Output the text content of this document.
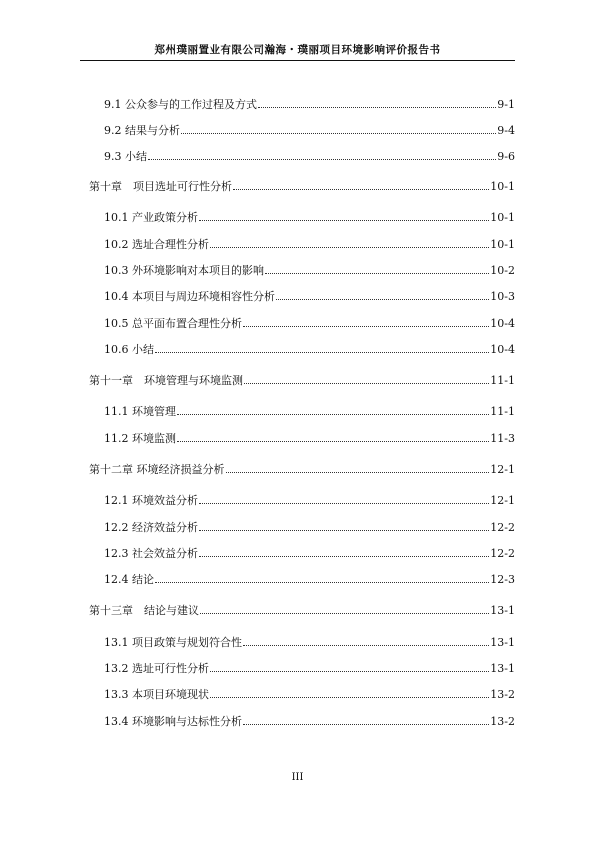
郑州璞丽置业有限公司瀚海・璞丽项目环境影响评价报告书
9.1 公众参与的工作过程及方式	9-1
9.2 结果与分析	9-4
9.3 小结	9-6
第十章　项目选址可行性分析	10-1
10.1 产业政策分析	10-1
10.2 选址合理性分析	10-1
10.3 外环境影响对本项目的影响	10-2
10.4 本项目与周边环境相容性分析	10-3
10.5 总平面布置合理性分析	10-4
10.6 小结	10-4
第十一章　环境管理与环境监测	11-1
11.1 环境管理	11-1
11.2 环境监测	11-3
第十二章 环境经济损益分析	12-1
12.1 环境效益分析	12-1
12.2 经济效益分析	12-2
12.3 社会效益分析	12-2
12.4 结论	12-3
第十三章　结论与建议	13-1
13.1 项目政策与规划符合性	13-1
13.2 选址可行性分析	13-1
13.3 本项目环境现状	13-2
13.4 环境影响与达标性分析	13-2
III
